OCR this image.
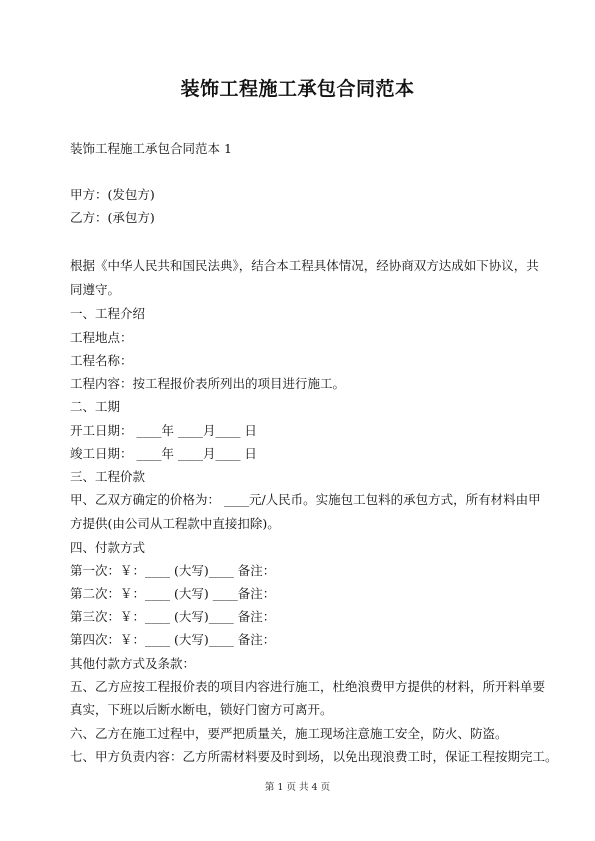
装饰工程施工承包合同范本
装饰工程施工承包合同范本 1
甲方：(发包方)
乙方：(承包方)
根据《中华人民共和国民法典》，结合本工程具体情况，经协商双方达成如下协议，共
同遵守。
一、工程介绍
工程地点：
工程名称：
工程内容：按工程报价表所列出的项目进行施工。
二、工期
开工日期： ____年 ____月____ 日
竣工日期： ____年 ____月____ 日
三、工程价款
甲、乙双方确定的价格为： ____元/人民币。实施包工包料的承包方式，所有材料由甲
方提供(由公司从工程款中直接扣除)。
四、付款方式
第一次：￥：____ (大写)____ 备注：
第二次：￥：____ (大写) ____备注：
第三次：￥：____ (大写)____ 备注：
第四次：￥：____ (大写)____ 备注：
其他付款方式及条款：
五、乙方应按工程报价表的项目内容进行施工，杜绝浪费甲方提供的材料，所开料单要
真实，下班以后断水断电，锁好门窗方可离开。
六、乙方在施工过程中，要严把质量关，施工现场注意施工安全，防火、防盗。
七、甲方负责内容：乙方所需材料要及时到场，以免出现浪费工时，保证工程按期完工。
第 1 页 共 4 页
